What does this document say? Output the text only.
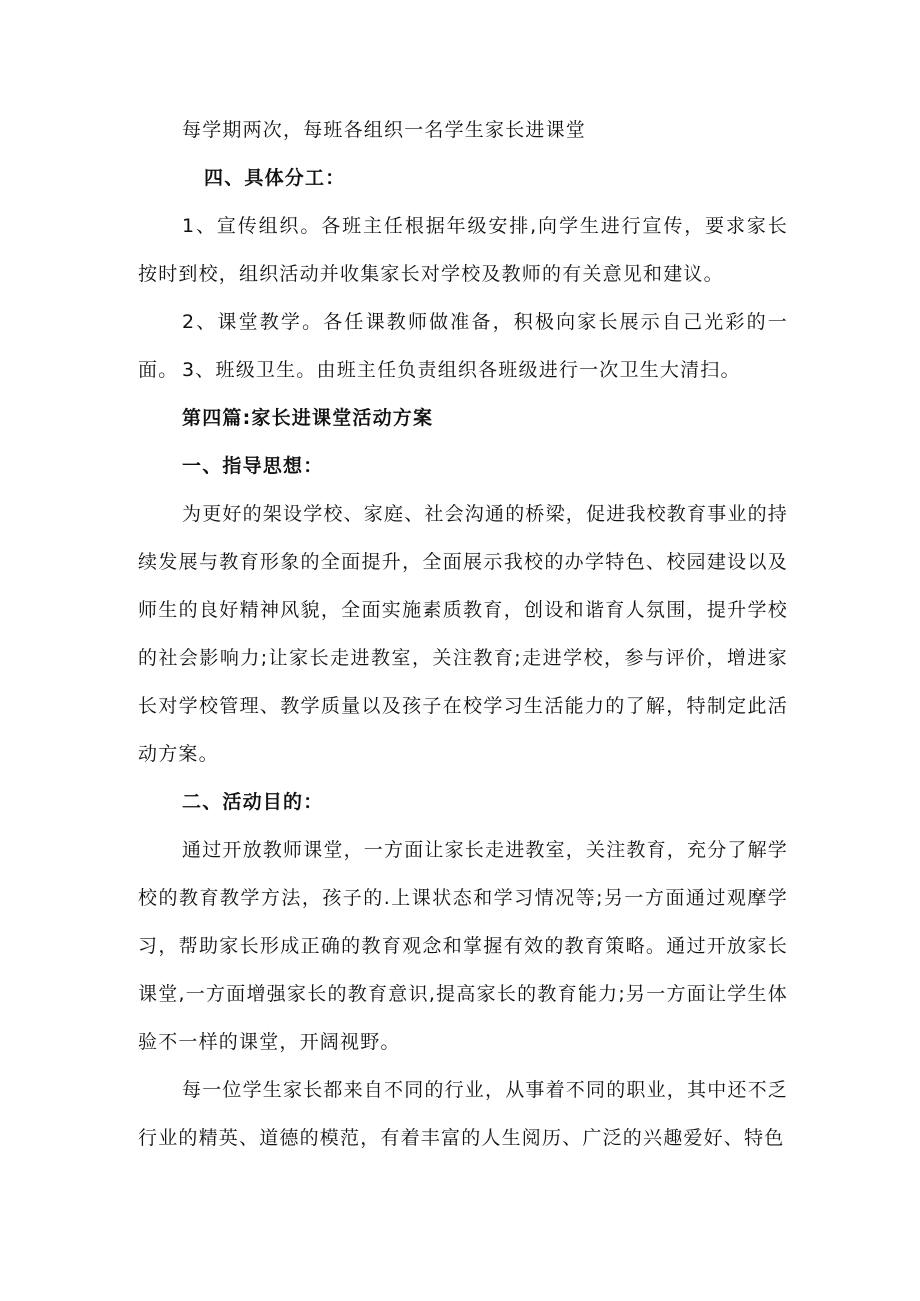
每学期两次，每班各组织一名学生家长进课堂

四、具体分工：

1、宣传组织。各班主任根据年级安排,向学生进行宣传，要求家长按时到校，组织活动并收集家长对学校及教师的有关意见和建议。

2、课堂教学。各任课教师做准备，积极向家长展示自己光彩的一面。 3、班级卫生。由班主任负责组织各班级进行一次卫生大清扫。

第四篇:家长进课堂活动方案

一、指导思想：

为更好的架设学校、家庭、社会沟通的桥梁，促进我校教育事业的持续发展与教育形象的全面提升，全面展示我校的办学特色、校园建设以及师生的良好精神风貌，全面实施素质教育，创设和谐育人氛围，提升学校的社会影响力;让家长走进教室，关注教育;走进学校，参与评价，增进家长对学校管理、教学质量以及孩子在校学习生活能力的了解，特制定此活动方案。

二、活动目的：

通过开放教师课堂，一方面让家长走进教室，关注教育，充分了解学校的教育教学方法，孩子的.上课状态和学习情况等;另一方面通过观摩学习，帮助家长形成正确的教育观念和掌握有效的教育策略。通过开放家长课堂,一方面增强家长的教育意识,提高家长的教育能力;另一方面让学生体验不一样的课堂，开阔视野。

每一位学生家长都来自不同的行业，从事着不同的职业，其中还不乏行业的精英、道德的模范，有着丰富的人生阅历、广泛的兴趣爱好、特色
